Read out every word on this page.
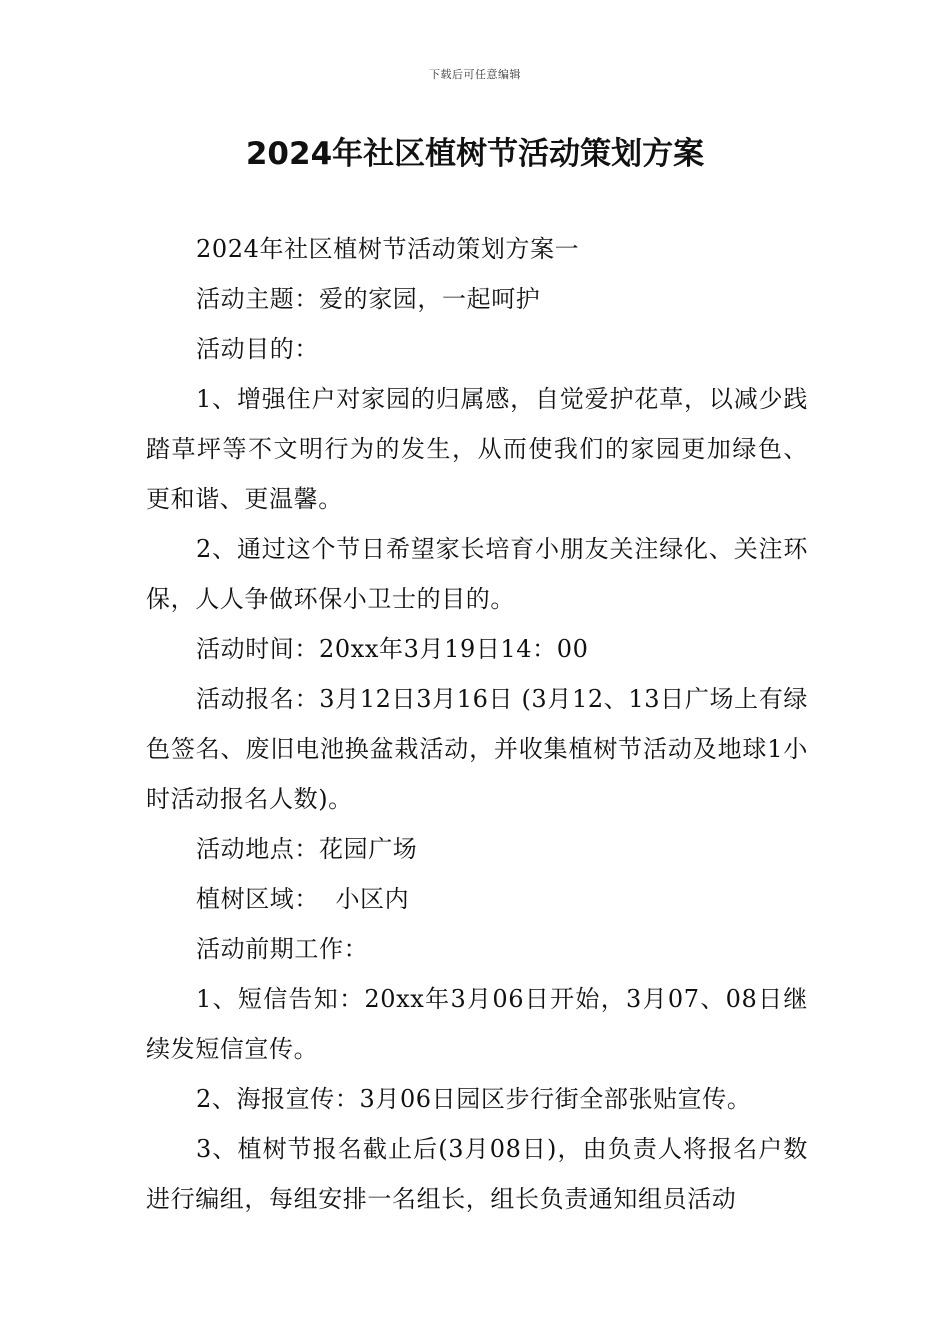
下载后可任意编辑
2024年社区植树节活动策划方案

2024年社区植树节活动策划方案一

活动主题：爱的家园，一起呵护

活动目的：

1、增强住户对家园的归属感，自觉爱护花草，以减少践踏草坪等不文明行为的发生，从而使我们的家园更加绿色、更和谐、更温馨。

2、通过这个节日希望家长培育小朋友关注绿化、关注环保，人人争做环保小卫士的目的。

活动时间：20xx年3月19日14：00

活动报名：3月12日3月16日 (3月12、13日广场上有绿色签名、废旧电池换盆栽活动，并收集植树节活动及地球1小时活动报名人数)。

活动地点：花园广场

植树区域：  小区内

活动前期工作：

1、短信告知：20xx年3月06日开始，3月07、08日继续发短信宣传。

2、海报宣传：3月06日园区步行街全部张贴宣传。

3、植树节报名截止后(3月08日)，由负责人将报名户数进行编组，每组安排一名组长，组长负责通知组员活动
